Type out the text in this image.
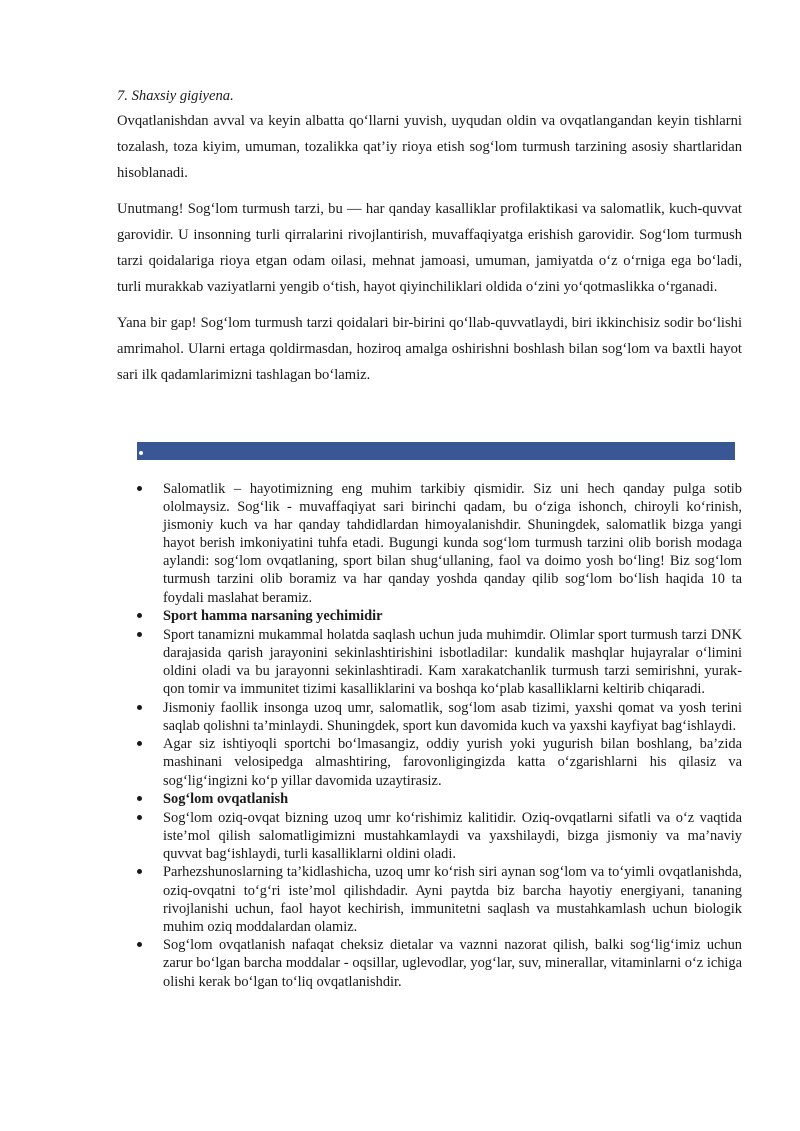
7. Shaxsiy gigiyena.

Ovqatlanishdan avval va keyin albatta qo‘llarni yuvish, uyqudan oldin va ovqatlangandan keyin tishlarni tozalash, toza kiyim, umuman, tozalikka qat’iy rioya etish sog‘lom turmush tarzining asosiy shartlaridan hisoblanadi.

Unutmang! Sog‘lom turmush tarzi, bu — har qanday kasalliklar profilaktikasi va salomatlik, kuch-quvvat garovidir. U insonning turli qirralarini rivojlantirish, muvaffaqiyatga erishish garovidir. Sog‘lom turmush tarzi qoidalariga rioya etgan odam oilasi, mehnat jamoasi, umuman, jamiyatda o‘z o‘rniga ega bo‘ladi, turli murakkab vaziyatlarni yengib o‘tish, hayot qiyinchiliklari oldida o‘zini yo‘qotmaslikka o‘rganadi.

Yana bir gap! Sog‘lom turmush tarzi qoidalari bir-birini qo‘llab-quvvatlaydi, biri ikkinchisiz sodir bo‘lishi amrimahol. Ularni ertaga qoldirmasdan, hoziroq amalga oshirishni boshlash bilan sog‘lom va baxtli hayot sari ilk qadamlarimizni tashlagan bo‘lamiz.

Salomatlik – hayotimizning eng muhim tarkibiy qismidir. Siz uni hech qanday pulga sotib ololmaysiz. Sog‘lik - muvaffaqiyat sari birinchi qadam, bu o‘ziga ishonch, chiroyli ko‘rinish, jismoniy kuch va har qanday tahdidlardan himoyalanishdir. Shuningdek, salomatlik bizga yangi hayot berish imkoniyatini tuhfa etadi. Bugungi kunda sog‘lom turmush tarzini olib borish modaga aylandi: sog‘lom ovqatlaning, sport bilan shug‘ullaning, faol va doimo yosh bo‘ling! Biz sog‘lom turmush tarzini olib boramiz va har qanday yoshda qanday qilib sog‘lom bo‘lish haqida 10 ta foydali maslahat beramiz.
Sport hamma narsaning yechimidir
Sport tanamizni mukammal holatda saqlash uchun juda muhimdir. Olimlar sport turmush tarzi DNK darajasida qarish jarayonini sekinlashtirishini isbotladilar: kundalik mashqlar hujayralar o‘limini oldini oladi va bu jarayonni sekinlashtiradi. Kam xarakatchanlik turmush tarzi semirishni, yurak-qon tomir va immunitet tizimi kasalliklarini va boshqa ko‘plab kasalliklarni keltirib chiqaradi.
Jismoniy faollik insonga uzoq umr, salomatlik, sog‘lom asab tizimi, yaxshi qomat va yosh terini saqlab qolishni ta’minlaydi. Shuningdek, sport kun davomida kuch va yaxshi kayfiyat bag‘ishlaydi.
Agar siz ishtiyoqli sportchi bo‘lmasangiz, oddiy yurish yoki yugurish bilan boshlang, ba’zida mashinani velosipedga almashtiring, farovonligingizda katta o‘zgarishlarni his qilasiz va sog‘lig‘ingizni ko‘p yillar davomida uzaytirasiz.
Sog‘lom ovqatlanish
Sog‘lom oziq-ovqat bizning uzoq umr ko‘rishimiz kalitidir. Oziq-ovqatlarni sifatli va o‘z vaqtida iste’mol qilish salomatligimizni mustahkamlaydi va yaxshilaydi, bizga jismoniy va ma’naviy quvvat bag‘ishlaydi, turli kasalliklarni oldini oladi.
Parhezshunoslarning ta’kidlashicha, uzoq umr ko‘rish siri aynan sog‘lom va to‘yimli ovqatlanishda, oziq-ovqatni to‘g‘ri iste’mol qilishdadir. Ayni paytda biz barcha hayotiy energiyani, tananing rivojlanishi uchun, faol hayot kechirish, immunitetni saqlash va mustahkamlash uchun biologik muhim oziq moddalardan olamiz.
Sog‘lom ovqatlanish nafaqat cheksiz dietalar va vaznni nazorat qilish, balki sog‘lig‘imiz uchun zarur bo‘lgan barcha moddalar - oqsillar, uglevodlar, yog‘lar, suv, minerallar, vitaminlarni o‘z ichiga olishi kerak bo‘lgan to‘liq ovqatlanishdir.
